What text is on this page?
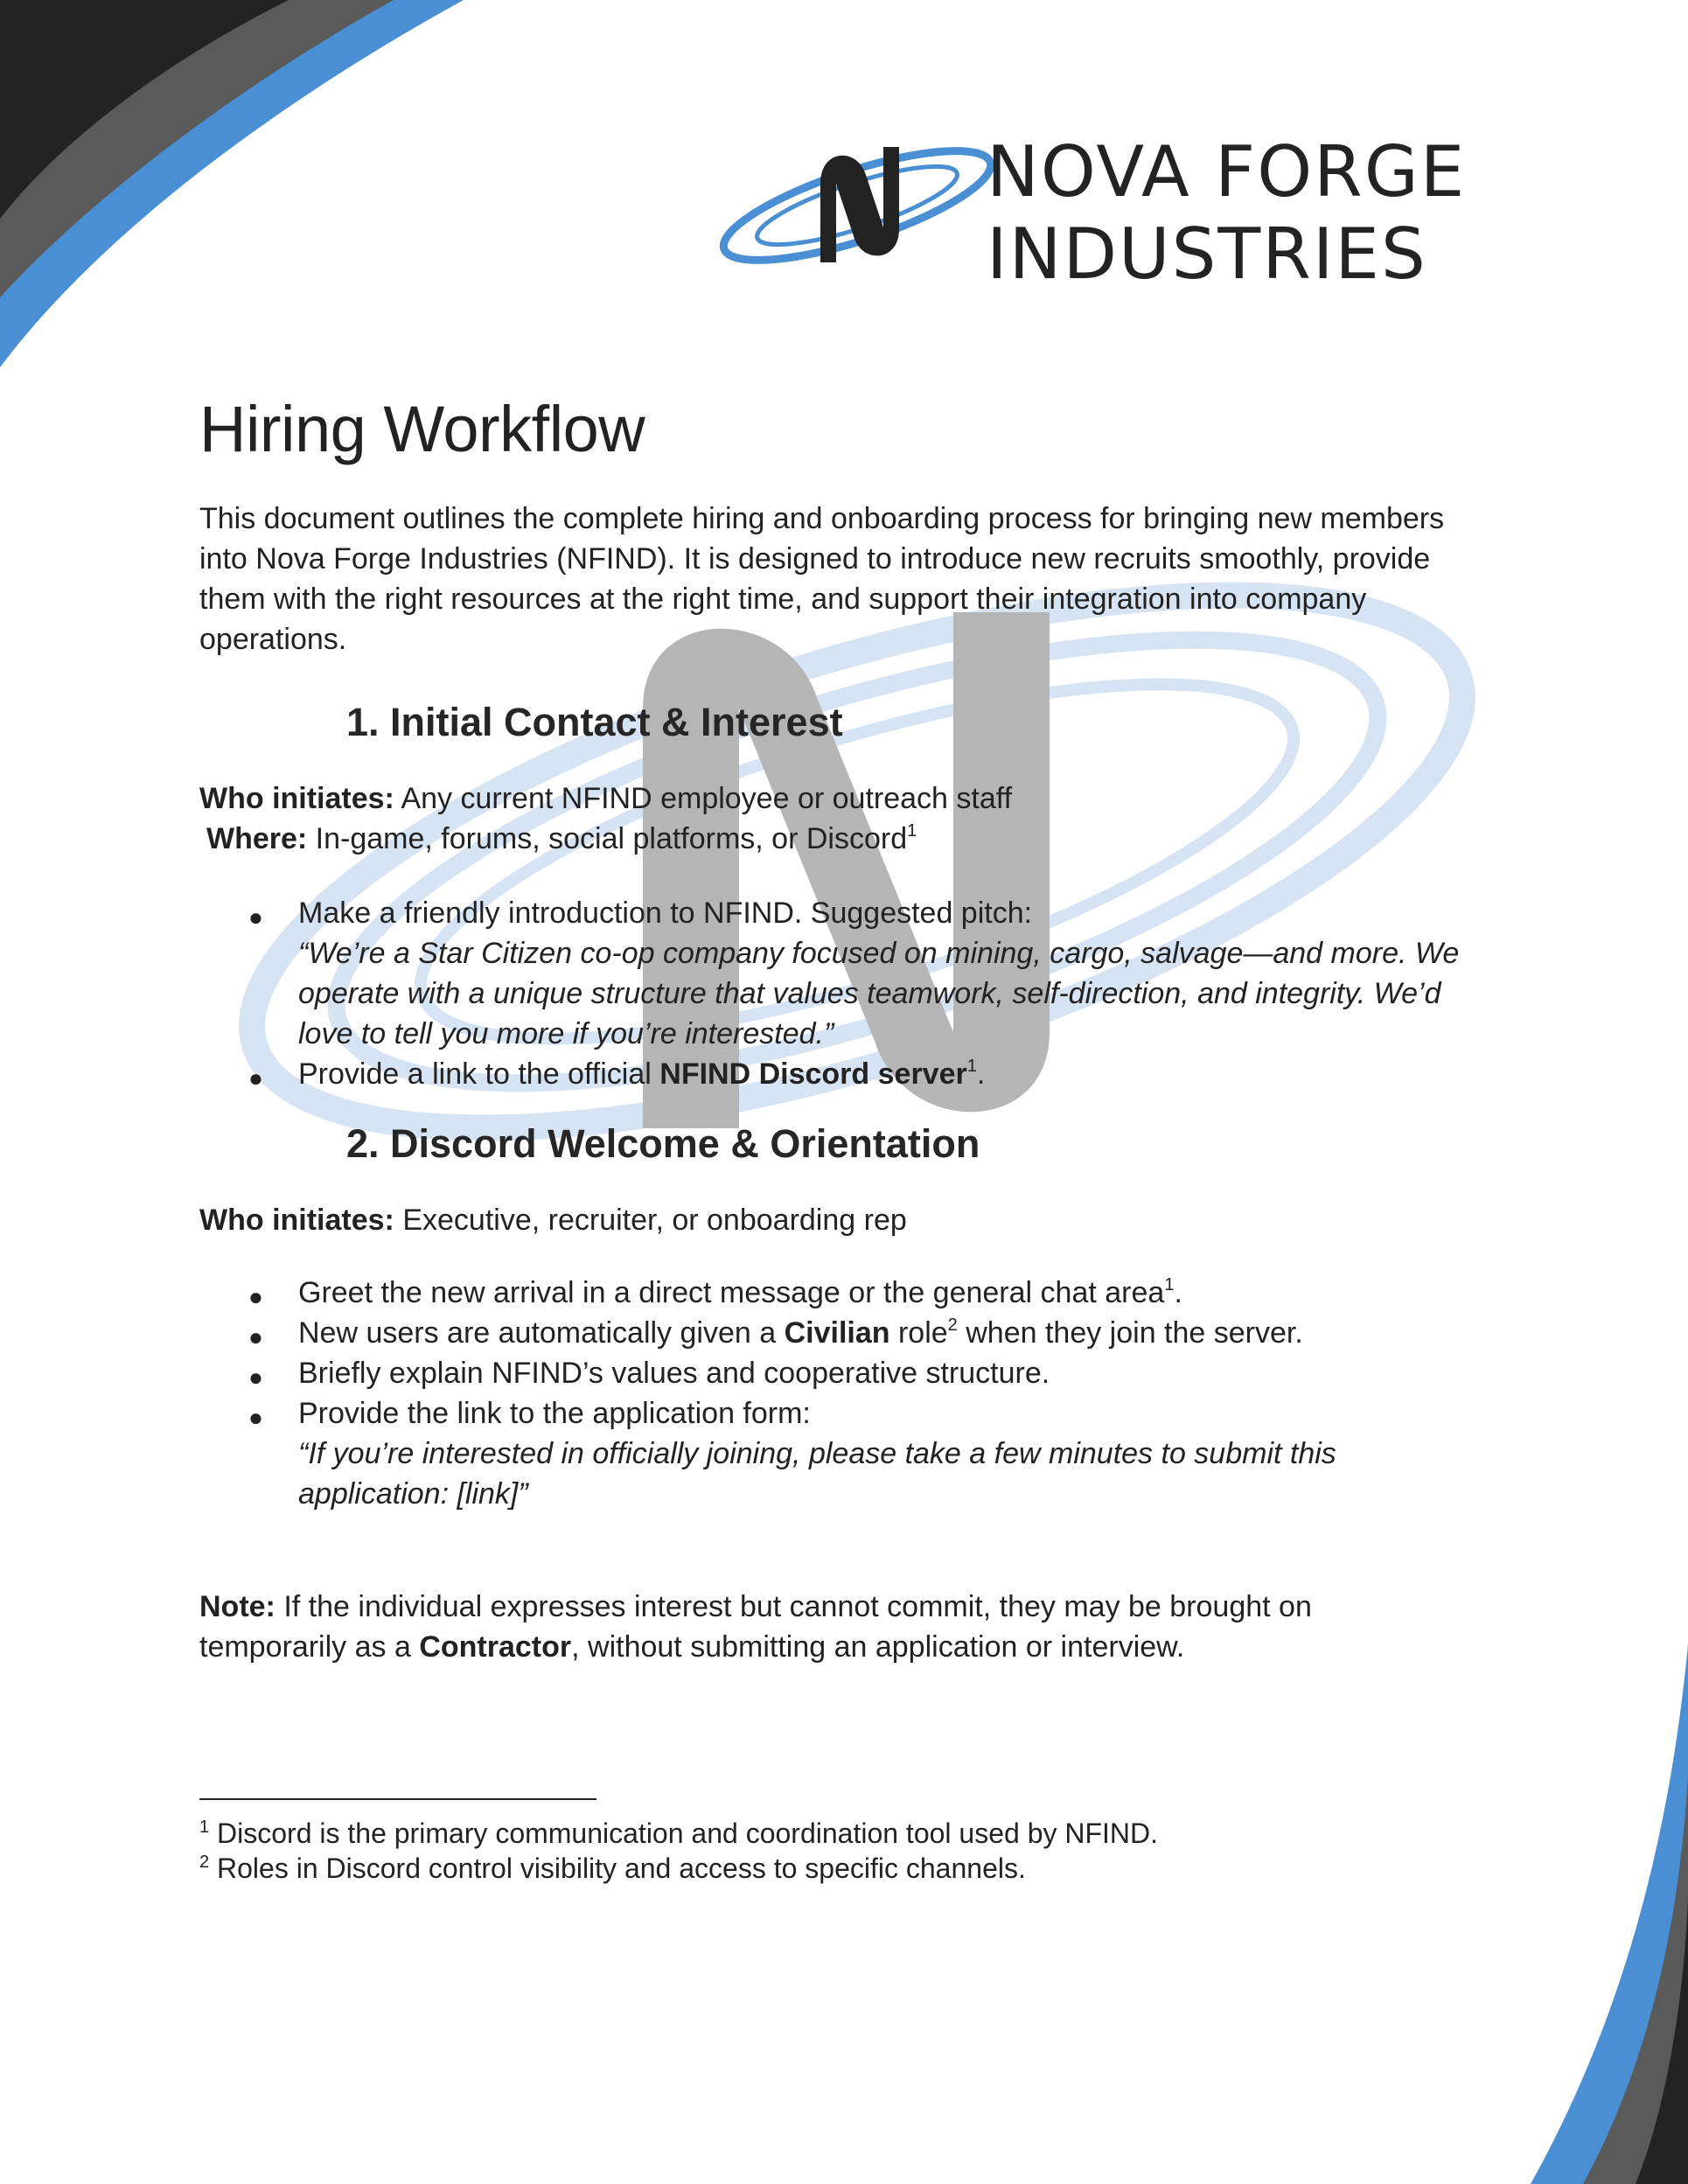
NOVA FORGE
INDUSTRIES
Hiring Workflow

This document outlines the complete hiring and onboarding process for bringing new members

into Nova Forge Industries (NFIND). It is designed to introduce new recruits smoothly, provide

them with the right resources at the right time, and support their integration into company

operations.

1. Initial Contact & Interest

Who initiates: Any current NFIND employee or outreach staff

Where: In-game, forums, social platforms, or Discord$^1$

● Make a friendly introduction to NFIND. Suggested pitch:

“We’re a Star Citizen co-op company focused on mining, cargo, salvage—and more. We

operate with a unique structure that values teamwork, self-direction, and integrity. We’d

love to tell you more if you’re interested.”

● Provide a link to the official NFIND Discord server$^1$.

2. Discord Welcome & Orientation

Who initiates: Executive, recruiter, or onboarding rep

● Greet the new arrival in a direct message or the general chat area$^1$.

● New users are automatically given a Civilian role$^2$ when they join the server.

● Briefly explain NFIND’s values and cooperative structure.

● Provide the link to the application form:

“If you’re interested in officially joining, please take a few minutes to submit this

application: [link]”

Note: If the individual expresses interest but cannot commit, they may be brought on

temporarily as a Contractor, without submitting an application or interview.

$^1$ Discord is the primary communication and coordination tool used by NFIND.

$^2$ Roles in Discord control visibility and access to specific channels.
